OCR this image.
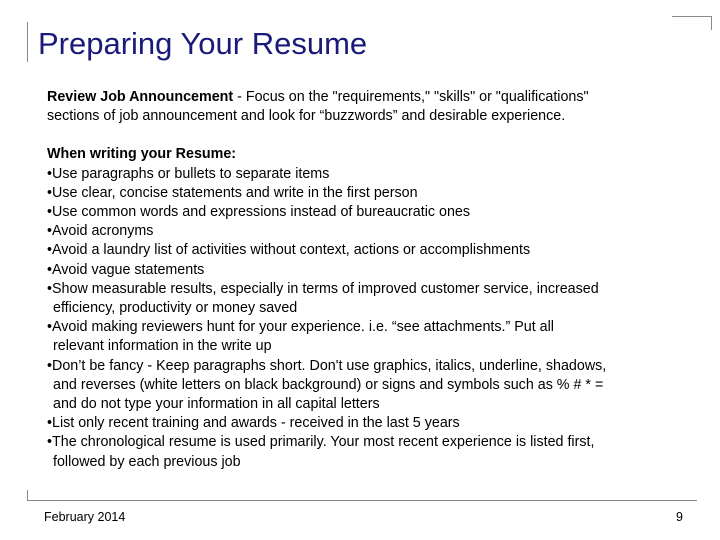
Preparing Your Resume

Review Job Announcement - Focus on the "requirements," "skills" or "qualifications"
sections of job announcement and look for “buzzwords” and desirable experience.

When writing your Resume:
•Use paragraphs or bullets to separate items
•Use clear, concise statements and write in the first person
•Use common words and expressions instead of bureaucratic ones
•Avoid acronyms
•Avoid a laundry list of activities without context, actions or accomplishments
•Avoid vague statements
•Show measurable results, especially in terms of improved customer service, increased
efficiency, productivity or money saved
•Avoid making reviewers hunt for your experience. i.e. “see attachments.” Put all
relevant information in the write up
•Don’t be fancy - Keep paragraphs short. Don't use graphics, italics, underline, shadows,
and reverses (white letters on black background) or signs and symbols such as % # * =
and do not type your information in all capital letters
•List only recent training and awards - received in the last 5 years
•The chronological resume is used primarily. Your most recent experience is listed first,
followed by each previous job
February 2014	9
